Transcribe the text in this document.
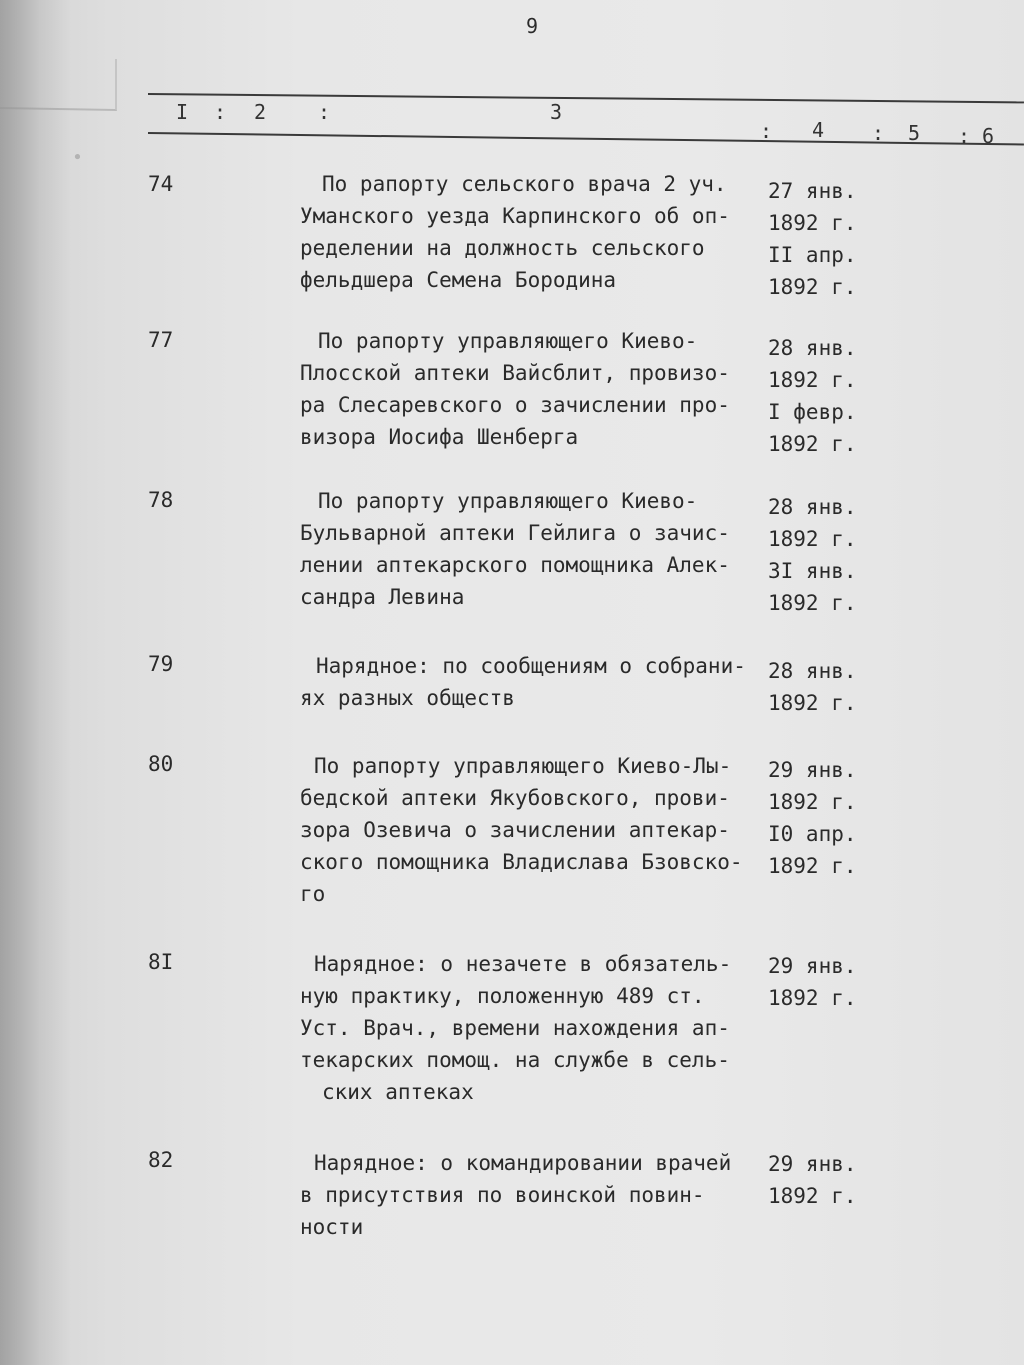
•
9
I : 2	:	3
: 4 : 5 : 6
74	По рапорту сельского врача 2 уч.
Уманского уезда Карпинского об оп-
ределении на должность сельского
фельдшера Семена Бородина
27 янв.
1892 г.
II апр.
1892 г.
77	По рапорту управляющего Киево-
Плосской аптеки Вайсблит, провизо-
ра Слесаревского о зачислении про-
визора Иосифа Шенберга
28 янв.
1892 г.
I февр.
1892 г.
78	По рапорту управляющего Киево-
Бульварной аптеки Гейлига о зачис-
лении аптекарского помощника Алек-
сандра Левина
28 янв.
1892 г.
3I янв.
1892 г.
79	Нарядное: по сообщениям о собрани-
ях разных обществ
28 янв.
1892 г.
80	По рапорту управляющего Киево-Лы-
бедской аптеки Якубовского, прови-
зора Озевича о зачислении аптекар-
ского помощника Владислава Бзовско-
го
29 янв.
1892 г.
I0 апр.
1892 г.
8I	Нарядное: о незачете в обязатель-
ную практику, положенную 489 ст.
Уст. Врач., времени нахождения ап-
текарских помощ. на службе в сель-
ских аптеках
29 янв.
1892 г.
82	Нарядное: о командировании врачей
в присутствия по воинской повин-
ности
29 янв.
1892 г.
